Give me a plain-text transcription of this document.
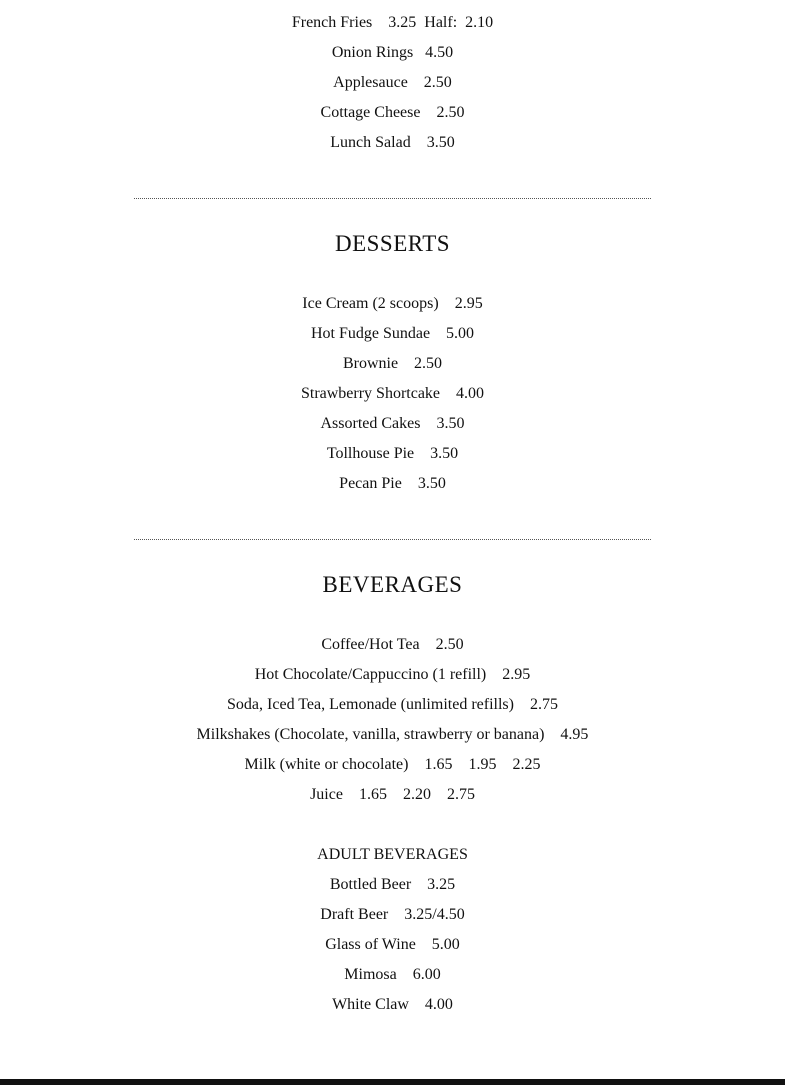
French Fries    3.25  Half:  2.10
Onion Rings   4.50
Applesauce    2.50
Cottage Cheese    2.50
Lunch Salad    3.50
DESSERTS
Ice Cream (2 scoops)    2.95
Hot Fudge Sundae    5.00
Brownie    2.50
Strawberry Shortcake    4.00
Assorted Cakes    3.50
Tollhouse Pie    3.50
Pecan Pie    3.50
BEVERAGES
Coffee/Hot Tea    2.50
Hot Chocolate/Cappuccino (1 refill)    2.95
Soda, Iced Tea, Lemonade (unlimited refills)    2.75
Milkshakes (Chocolate, vanilla, strawberry or banana)    4.95
Milk (white or chocolate)    1.65    1.95    2.25
Juice    1.65    2.20    2.75
ADULT BEVERAGES
Bottled Beer    3.25
Draft Beer    3.25/4.50
Glass of Wine    5.00
Mimosa    6.00
White Claw    4.00
